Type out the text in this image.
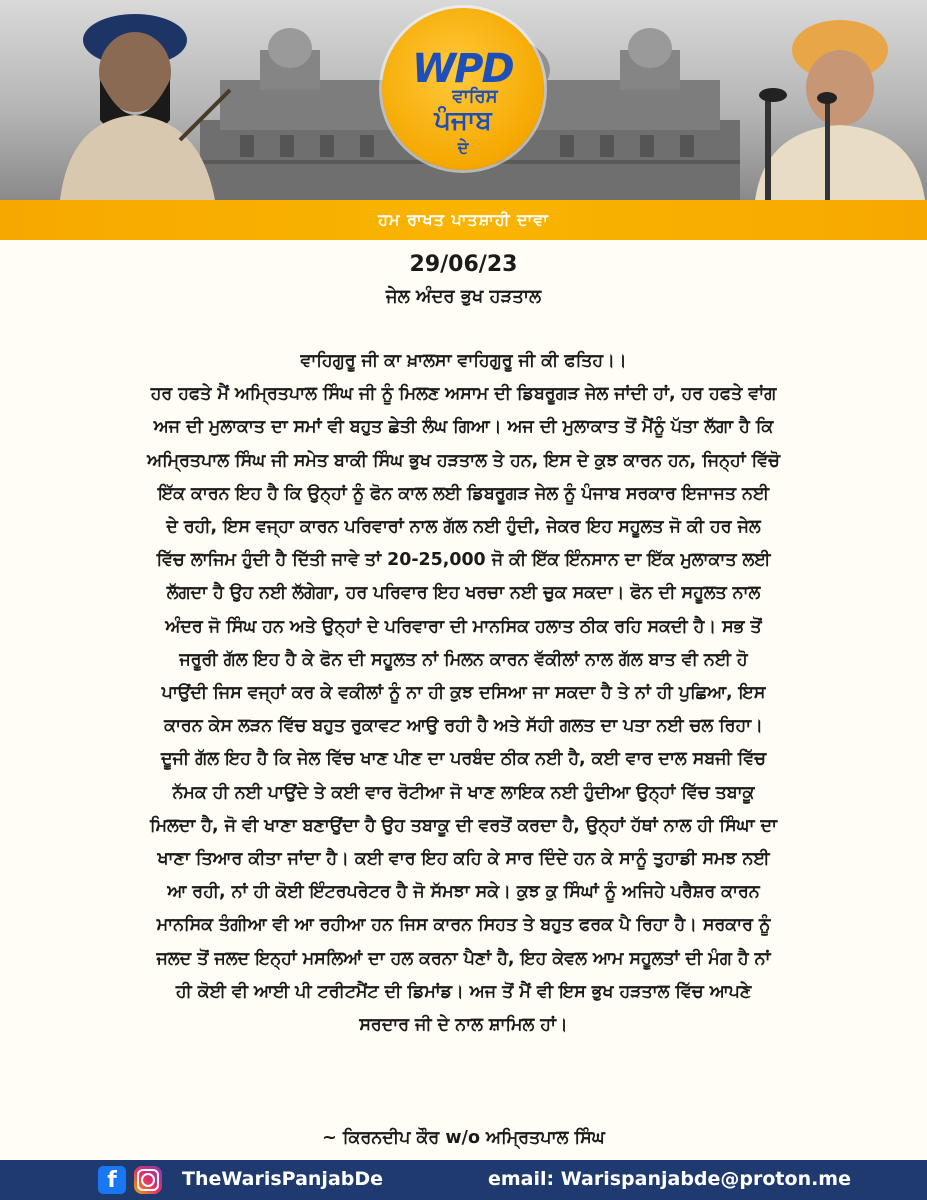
WPD
ਵਾਰਿਸ
ਪੰਜਾਬ
ਦੇ
ਹਮ ਰਾਖਤ ਪਾਤਸ਼ਾਹੀ ਦਾਵਾ
29/06/23
ਜੇਲ ਅੰਦਰ ਭੁਖ ਹੜਤਾਲ

ਵਾਹਿਗੁਰੂ ਜੀ ਕਾ ਖ਼ਾਲਸਾ ਵਾਹਿਗੁਰੂ ਜੀ ਕੀ ਫਤਿਹ।।

ਹਰ ਹਫਤੇ ਮੈਂ ਅਮ੍ਰਿਤਪਾਲ ਸਿੰਘ ਜੀ ਨੂੰ ਮਿਲਣ ਅਸਾਮ ਦੀ ਡਿਬਰੂਗੜ ਜੇਲ ਜਾਂਦੀ ਹਾਂ, ਹਰ ਹਫਤੇ ਵਾਂਗ

ਅਜ ਦੀ ਮੁਲਾਕਾਤ ਦਾ ਸਮਾਂ ਵੀ ਬਹੁਤ ਛੇਤੀ ਲੰਘ ਗਿਆ। ਅਜ ਦੀ ਮੁਲਾਕਾਤ ਤੋਂ ਮੈਂਨੂੰ ਪੱਤਾ ਲੱਗਾ ਹੈ ਕਿ

ਅਮ੍ਰਿਤਪਾਲ ਸਿੰਘ ਜੀ ਸਮੇਤ ਬਾਕੀ ਸਿੰਘ ਭੁਖ ਹੜਤਾਲ ਤੇ ਹਨ, ਇਸ ਦੇ ਕੁਝ ਕਾਰਨ ਹਨ, ਜਿਨ੍ਹਾਂ ਵਿੱਚੋ

ਇੱਕ ਕਾਰਨ ਇਹ ਹੈ ਕਿ ਉਨ੍ਹਾਂ ਨੂੰ ਫੋਨ ਕਾਲ ਲਈ ਡਿਬਰੂਗੜ ਜੇਲ ਨੂੰ ਪੰਜਾਬ ਸਰਕਾਰ ਇਜਾਜਤ ਨਈ

ਦੇ ਰਹੀ, ਇਸ ਵਜ੍ਹਾ ਕਾਰਨ ਪਰਿਵਾਰਾਂ ਨਾਲ ਗੱਲ ਨਈ ਹੁੰਦੀ, ਜੇਕਰ ਇਹ ਸਹੂਲਤ ਜੋ ਕੀ ਹਰ ਜੇਲ

ਵਿੱਚ ਲਾਜਿਮ ਹੁੰਦੀ ਹੈ ਦਿੱਤੀ ਜਾਵੇ ਤਾਂ 20-25,000 ਜੋ ਕੀ ਇੱਕ ਇੰਨਸਾਨ ਦਾ ਇੱਕ ਮੁਲਾਕਾਤ ਲਈ

ਲੱਗਦਾ ਹੈ ਉਹ ਨਈ ਲੱਗੇਗਾ, ਹਰ ਪਰਿਵਾਰ ਇਹ ਖਰਚਾ ਨਈ ਚੁਕ ਸਕਦਾ। ਫੋਨ ਦੀ ਸਹੂਲਤ ਨਾਲ

ਅੰਦਰ ਜੋ ਸਿੰਘ ਹਨ ਅਤੇ ਉਨ੍ਹਾਂ ਦੇ ਪਰਿਵਾਰਾ ਦੀ ਮਾਨਸਿਕ ਹਲਾਤ ਠੀਕ ਰਹਿ ਸਕਦੀ ਹੈ। ਸਭ ਤੋਂ

ਜਰੂਰੀ ਗੱਲ ਇਹ ਹੈ ਕੇ ਫੋਨ ਦੀ ਸਹੂਲਤ ਨਾਂ ਮਿਲਨ ਕਾਰਨ ਵੱਕੀਲਾਂ ਨਾਲ ਗੱਲ ਬਾਤ ਵੀ ਨਈ ਹੋ

ਪਾਉਂਦੀ ਜਿਸ ਵਜ੍ਹਾਂ ਕਰ ਕੇ ਵਕੀਲਾਂ ਨੂੰ ਨਾ ਹੀ ਕੁਝ ਦਸਿਆ ਜਾ ਸਕਦਾ ਹੈ ਤੇ ਨਾਂ ਹੀ ਪੁਛਿਆ, ਇਸ

ਕਾਰਨ ਕੇਸ ਲੜਨ ਵਿੱਚ ਬਹੁਤ ਰੁਕਾਵਟ ਆਉ ਰਹੀ ਹੈ ਅਤੇ ਸੱਹੀ ਗਲਤ ਦਾ ਪਤਾ ਨਈ ਚਲ ਰਿਹਾ।

ਦੂਜੀ ਗੱਲ ਇਹ ਹੈ ਕਿ ਜੇਲ ਵਿੱਚ ਖਾਣ ਪੀਣ ਦਾ ਪਰਬੰਦ ਠੀਕ ਨਈ ਹੈ, ਕਈ ਵਾਰ ਦਾਲ ਸਬਜੀ ਵਿੱਚ

ਨੱਮਕ ਹੀ ਨਈ ਪਾਉਂਦੇ ਤੇ ਕਈ ਵਾਰ ਰੋਟੀਆ ਜੋ ਖਾਣ ਲਾਇਕ ਨਈ ਹੁੰਦੀਆ ਉਨ੍ਹਾਂ ਵਿੱਚ ਤਬਾਕੂ

ਮਿਲਦਾ ਹੈ, ਜੋ ਵੀ ਖਾਣਾ ਬਣਾਉਂਦਾ ਹੈ ਉਹ ਤਬਾਕੂ ਦੀ ਵਰਤੋਂ ਕਰਦਾ ਹੈ, ਉਨ੍ਹਾਂ ਹੱਥਾਂ ਨਾਲ ਹੀ ਸਿੰਘਾ ਦਾ

ਖਾਣਾ ਤਿਆਰ ਕੀਤਾ ਜਾਂਦਾ ਹੈ। ਕਈ ਵਾਰ ਇਹ ਕਹਿ ਕੇ ਸਾਰ ਦਿੰਦੇ ਹਨ ਕੇ ਸਾਨੂੰ ਤੁਹਾਡੀ ਸਮਝ ਨਈ

ਆ ਰਹੀ, ਨਾਂ ਹੀ ਕੋਈ ਇੰਟਰਪਰੇਟਰ ਹੈ ਜੋ ਸੱਮਝਾ ਸਕੇ। ਕੁਝ ਕੁ ਸਿੰਘਾਂ ਨੂੰ ਅਜਿਹੇ ਪਰੈਸ਼ਰ ਕਾਰਨ

ਮਾਨਸਿਕ ਤੰਗੀਆ ਵੀ ਆ ਰਹੀਆ ਹਨ ਜਿਸ ਕਾਰਨ ਸਿਹਤ ਤੇ ਬਹੁਤ ਫਰਕ ਪੈ ਰਿਹਾ ਹੈ। ਸਰਕਾਰ ਨੂੰ

ਜਲਦ ਤੋਂ ਜਲਦ ਇਨ੍ਹਾਂ ਮਸਲਿਆਂ ਦਾ ਹਲ ਕਰਨਾ ਪੈਣਾਂ ਹੈ, ਇਹ ਕੇਵਲ ਆਮ ਸਹੂਲਤਾਂ ਦੀ ਮੰਗ ਹੈ ਨਾਂ

ਹੀ ਕੋਈ ਵੀ ਆਈ ਪੀ ਟਰੀਟਮੈਂਟ ਦੀ ਡਿਮਾਂਡ। ਅਜ ਤੋਂ ਮੈਂ ਵੀ ਇਸ ਭੁਖ ਹੜਤਾਲ ਵਿੱਚ ਆਪਣੇ

ਸਰਦਾਰ ਜੀ ਦੇ ਨਾਲ ਸ਼ਾਮਿਲ ਹਾਂ।

~ ਕਿਰਨਦੀਪ ਕੌਰ w/o ਅਮ੍ਰਿਤਪਾਲ ਸਿੰਘ
f	TheWarisPanjabDe	email: Warispanjabde@proton.me
